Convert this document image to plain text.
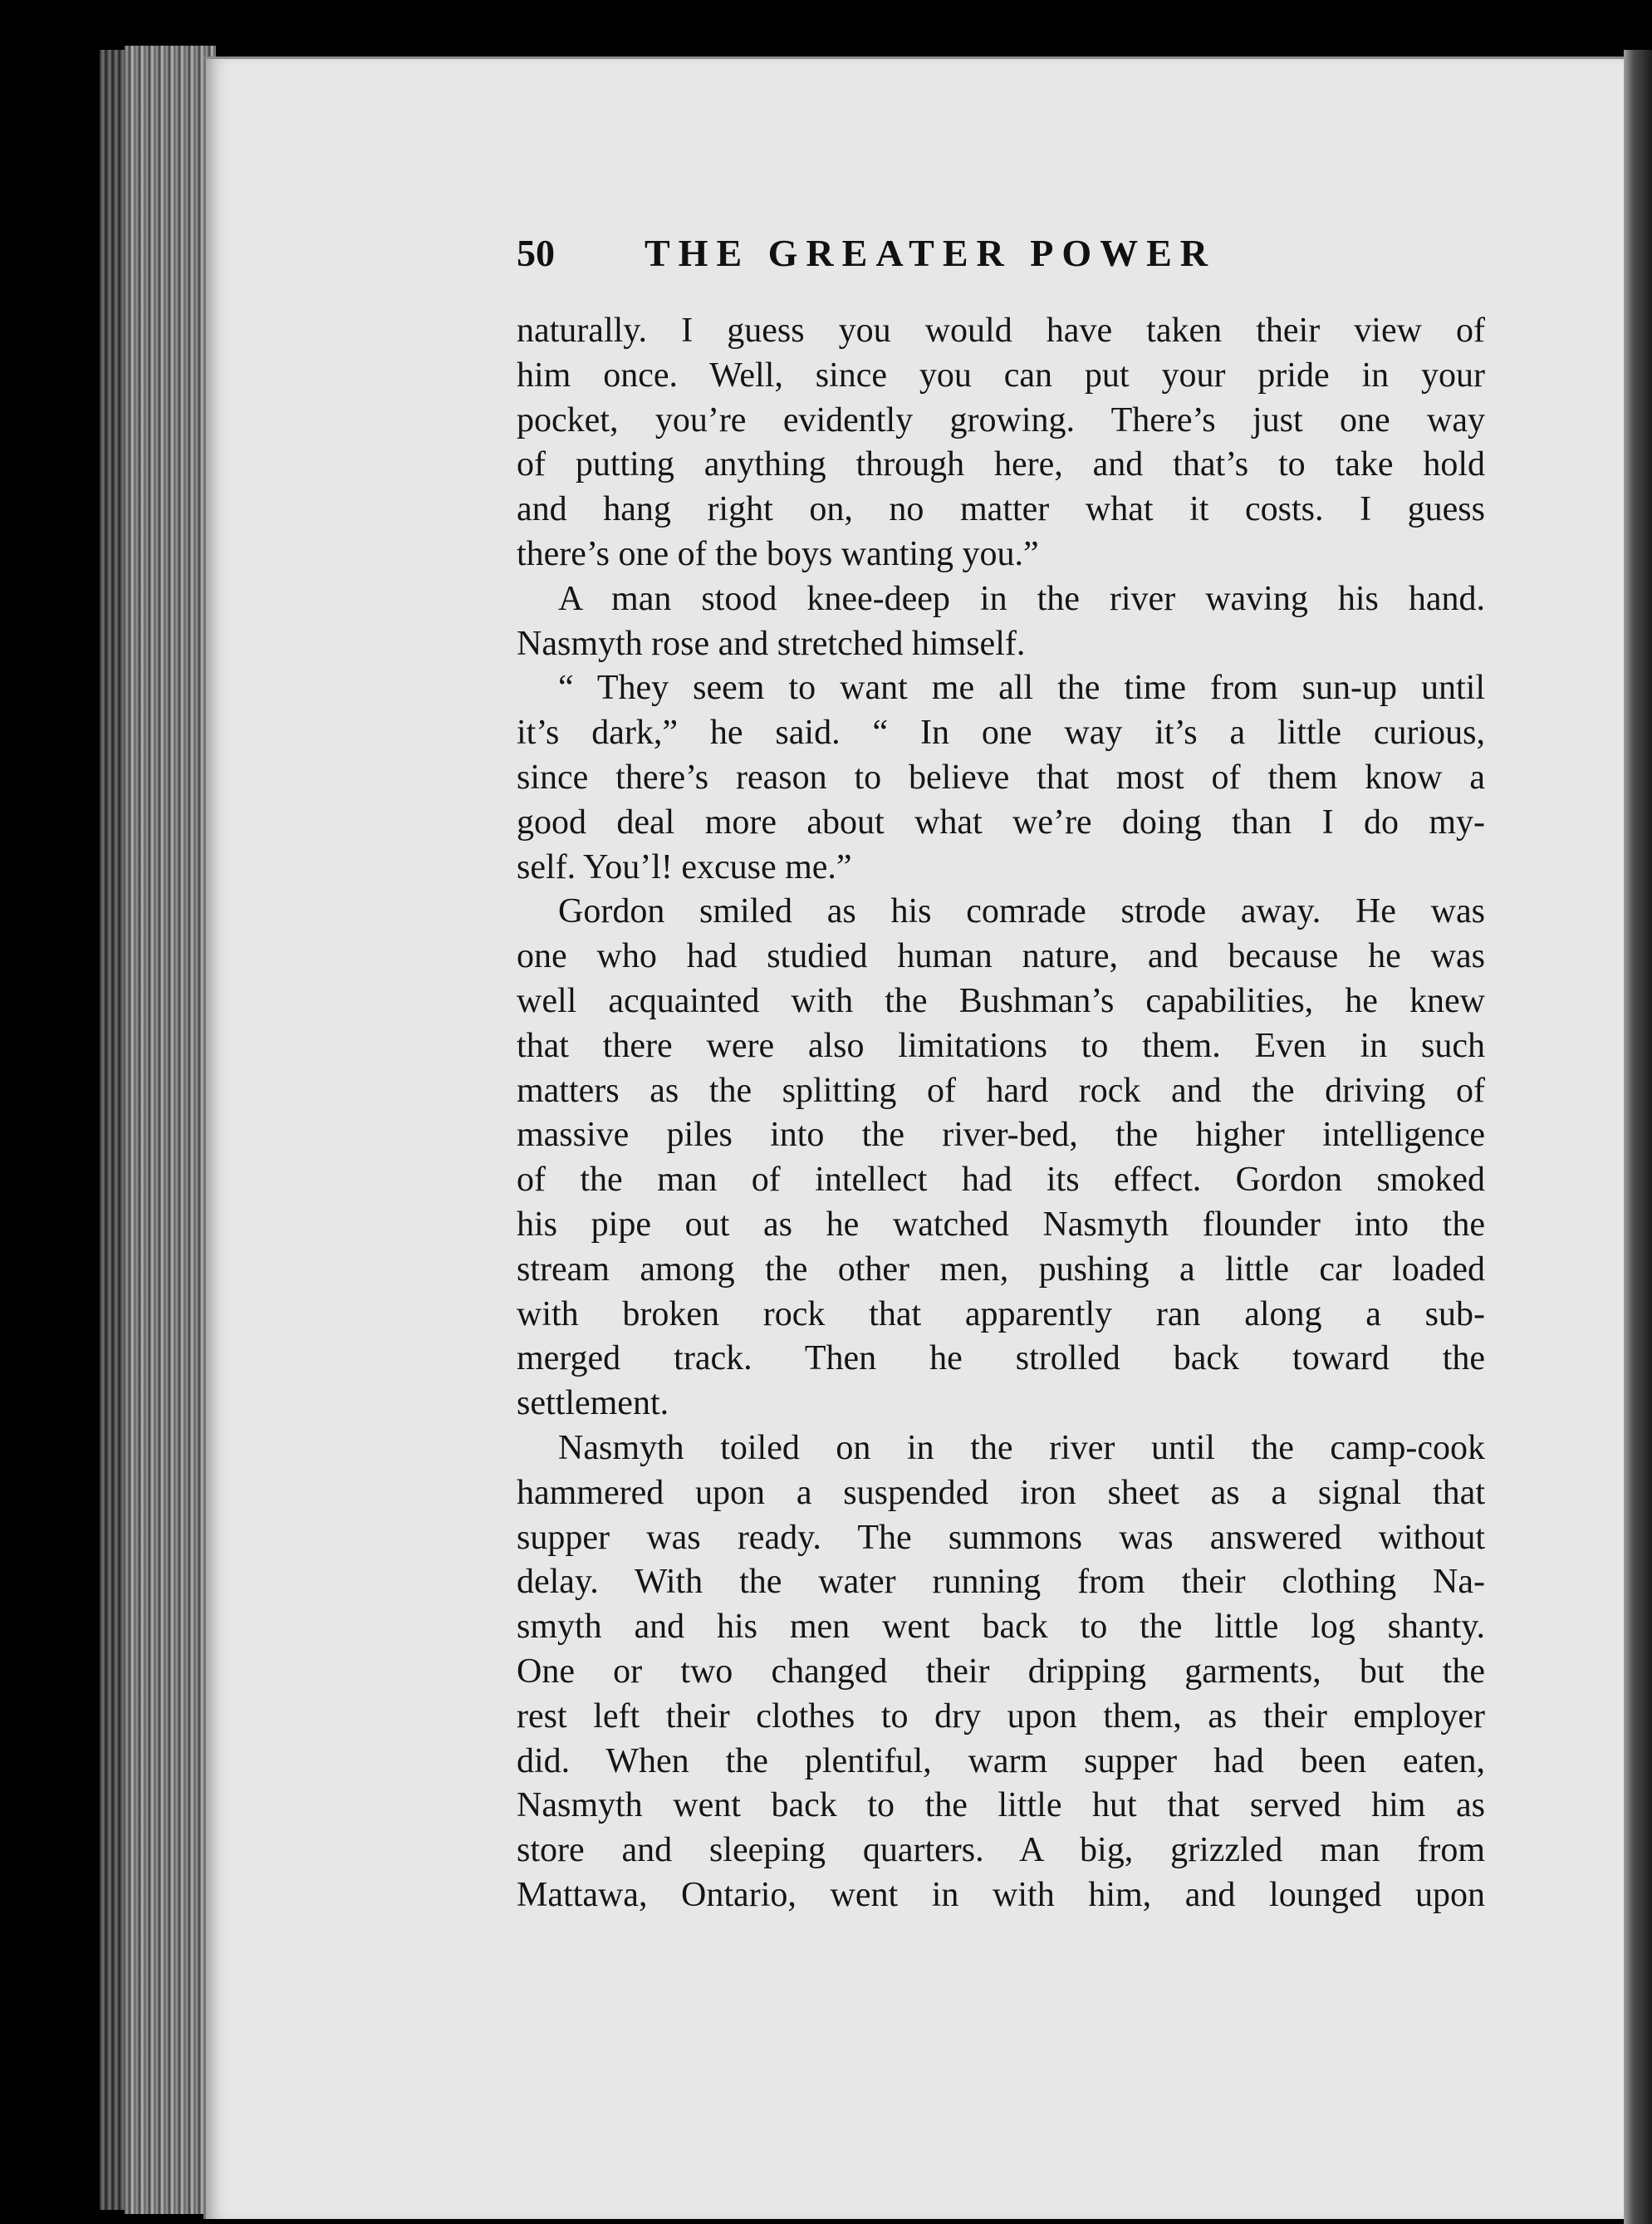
50 THE GREATER POWER
naturally. I guess you would have taken their view of
him once. Well, since you can put your pride in your
pocket, you’re evidently growing. There’s just one way
of putting anything through here, and that’s to take hold
and hang right on, no matter what it costs. I guess
there’s one of the boys wanting you.”
A man stood knee-deep in the river waving his hand.
Nasmyth rose and stretched himself.
“ They seem to want me all the time from sun-up until
it’s dark,” he said. “ In one way it’s a little curious,
since there’s reason to believe that most of them know a
good deal more about what we’re doing than I do my-
self. You’l! excuse me.”
Gordon smiled as his comrade strode away. He was
one who had studied human nature, and because he was
well acquainted with the Bushman’s capabilities, he knew
that there were also limitations to them. Even in such
matters as the splitting of hard rock and the driving of
massive piles into the river-bed, the higher intelligence
of the man of intellect had its effect. Gordon smoked
his pipe out as he watched Nasmyth flounder into the
stream among the other men, pushing a little car loaded
with broken rock that apparently ran along a sub-
merged track. Then he strolled back toward the
settlement.
Nasmyth toiled on in the river until the camp-cook
hammered upon a suspended iron sheet as a signal that
supper was ready. The summons was answered without
delay. With the water running from their clothing Na-
smyth and his men went back to the little log shanty.
One or two changed their dripping garments, but the
rest left their clothes to dry upon them, as their employer
did. When the plentiful, warm supper had been eaten,
Nasmyth went back to the little hut that served him as
store and sleeping quarters. A big, grizzled man from
Mattawa, Ontario, went in with him, and lounged upon
